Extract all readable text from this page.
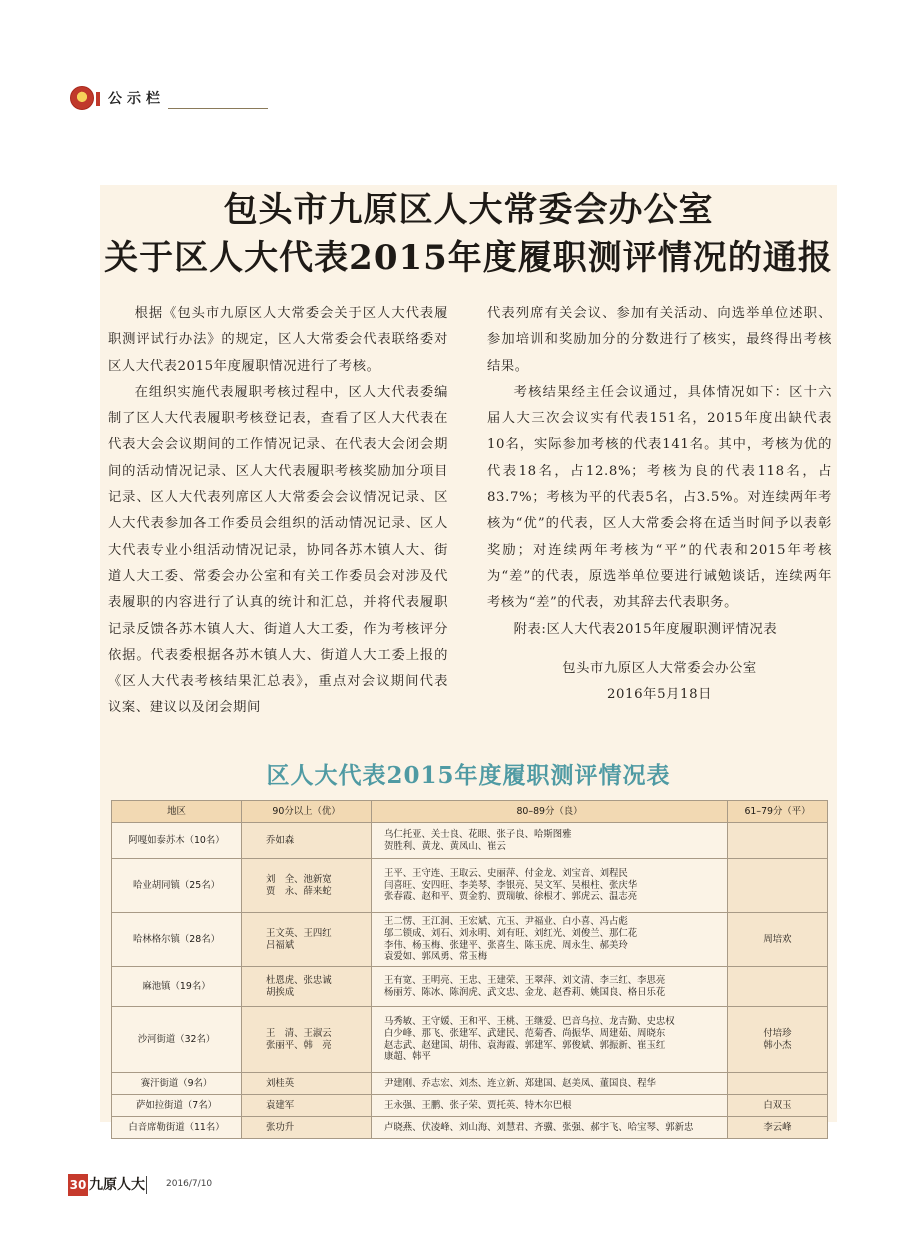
★ 公示栏
包头市九原区人大常委会办公室
关于区人大代表2015年度履职测评情况的通报

根据《包头市九原区人大常委会关于区人大代表履职测评试行办法》的规定，区人大常委会代表联络委对区人大代表2015年度履职情况进行了考核。

在组织实施代表履职考核过程中，区人大代表委编制了区人大代表履职考核登记表，查看了区人大代表在代表大会会议期间的工作情况记录、在代表大会闭会期间的活动情况记录、区人大代表履职考核奖励加分项目记录、区人大代表列席区人大常委会会议情况记录、区人大代表参加各工作委员会组织的活动情况记录、区人大代表专业小组活动情况记录，协同各苏木镇人大、街道人大工委、常委会办公室和有关工作委员会对涉及代表履职的内容进行了认真的统计和汇总，并将代表履职记录反馈各苏木镇人大、街道人大工委，作为考核评分依据。代表委根据各苏木镇人大、街道人大工委上报的《区人大代表考核结果汇总表》，重点对会议期间代表议案、建议以及闭会期间

代表列席有关会议、参加有关活动、向选举单位述职、参加培训和奖励加分的分数进行了核实，最终得出考核结果。

考核结果经主任会议通过，具体情况如下：区十六届人大三次会议实有代表151名，2015年度出缺代表10名，实际参加考核的代表141名。其中，考核为优的代表18名，占12.8%；考核为良的代表118名，占83.7%；考核为平的代表5名，占3.5%。对连续两年考核为“优”的代表，区人大常委会将在适当时间予以表彰奖励；对连续两年考核为“平”的代表和2015年考核为“差”的代表，原选举单位要进行诫勉谈话，连续两年考核为“差”的代表，劝其辞去代表职务。

附表:区人大代表2015年度履职测评情况表

包头市九原区人大常委会办公室

2016年5月18日

区人大代表2015年度履职测评情况表
地区	90分以上（优）	80–89分（良）	61–79分（平）
阿嘎如泰苏木（10名）	乔如森	乌仁托亚、关士良、花眼、张子良、哈斯图雅
贺胜利、黄龙、黄凤山、崔云	

哈业胡同镇（25名）	刘　全、池新宽
贾　永、薛来蛇	王平、王守连、王取云、史丽萍、付金龙、刘宝音、刘程民
闫喜旺、安四旺、李美琴、李银亮、吴文军、吴根柱、张庆华
张春霞、赵和平、贾金豹、贾瑞敏、徐根才、郭虎云、温志亮	

哈林格尔镇（28名）	王文英、王四红
吕福斌	王二愣、王江洞、王宏斌、亢玉、尹福业、白小喜、冯占彪
邬二锁成、刘石、刘永明、刘有旺、刘红光、刘俊兰、那仁花
李伟、杨玉梅、张建平、张喜生、陈玉虎、周永生、郝美玲
袁爱如、郭凤勇、常玉梅	周培欢

麻池镇（19名）	杜恩虎、张忠诚
胡挨成	王有宽、王明亮、王忠、王建荣、王翠萍、刘文清、李三红、李思亮
杨丽芳、陈冰、陈润虎、武文忠、金龙、赵香莉、姚国良、格日乐花	

沙河街道（32名）	王　清、王淑云
张丽平、韩　亮	马秀敏、王守媛、王和平、王桃、王继爱、巴音乌拉、龙吉勤、史忠权
白少峰、那飞、张建军、武建民、范菊香、尚振华、周建茹、周晓东
赵志武、赵建国、胡伟、袁海霞、郭建军、郭俊斌、郭振新、崔玉红
康超、韩平	付培珍
韩小杰

赛汗街道（9名）	刘桂英	尹建刚、乔志宏、刘杰、连立新、郑建国、赵美凤、董国良、程华	

萨如拉街道（7名）	袁建军	王永强、王鹏、张子荣、贾托英、特木尔巴根	白双玉

白音席勒街道（11名）	张功升	卢晓燕、伏凌峰、刘山海、刘慧君、齐骥、张强、郝宇飞、哈宝琴、郭新忠	李云峰
30 九原人大	2016/7/10
